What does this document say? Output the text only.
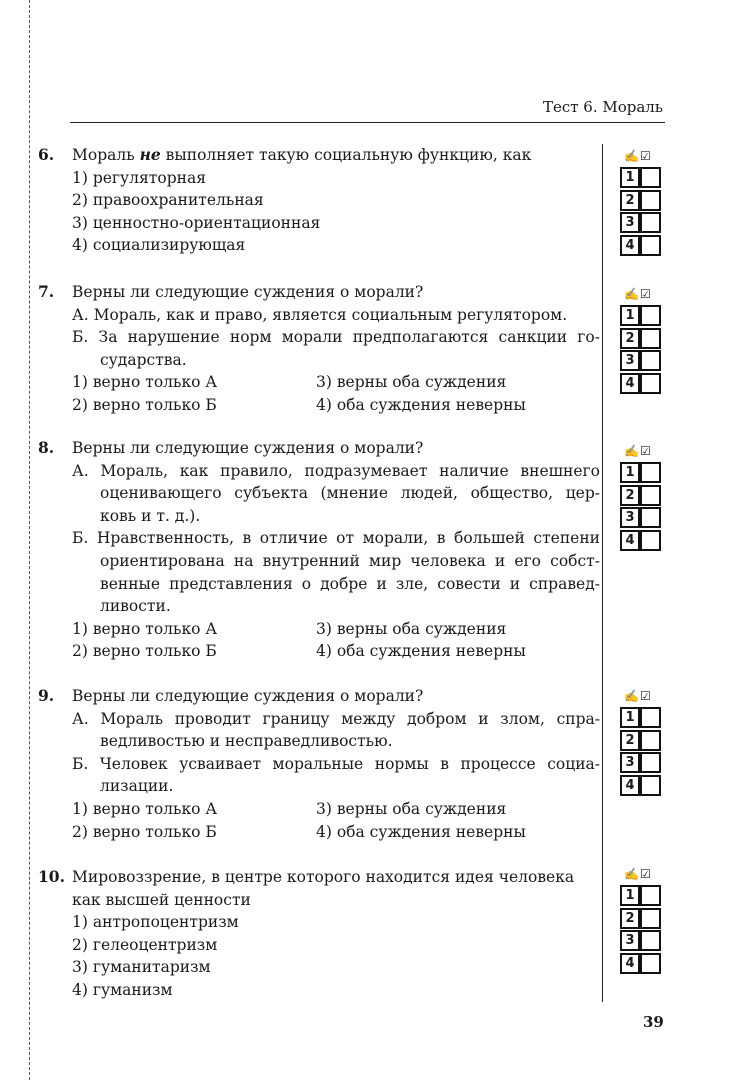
Тест 6. Мораль
6. Мораль не выполняет такую социальную функцию, как
1) регуляторная
2) правоохранительная
3) ценностно-ориентационная
4) социализирующая
7. Верны ли следующие суждения о морали?
А. Мораль, как и право, является социальным регулятором.
Б. За нарушение норм морали предполагаются санкции го-
сударства.
1) верно только А	3) верны оба суждения
2) верно только Б	4) оба суждения неверны
8. Верны ли следующие суждения о морали?
А. Мораль, как правило, подразумевает наличие внешнего
оценивающего субъекта (мнение людей, общество, цер-
ковь и т. д.).
Б. Нравственность, в отличие от морали, в большей степени
ориентирована на внутренний мир человека и его собст-
венные представления о добре и зле, совести и справед-
ливости.
1) верно только А	3) верны оба суждения
2) верно только Б	4) оба суждения неверны
9. Верны ли следующие суждения о морали?
А. Мораль проводит границу между добром и злом, спра-
ведливостью и несправедливостью.
Б. Человек усваивает моральные нормы в процессе социа-
лизации.
1) верно только А	3) верны оба суждения
2) верно только Б	4) оба суждения неверны
10. Мировоззрение, в центре которого находится идея человека
как высшей ценности
1) антропоцентризм
2) гелеоцентризм
3) гуманитаризм
4) гуманизм
✍☑
1
2
3
4
✍☑
1
2
3
4
✍☑
1
2
3
4
✍☑
1
2
3
4
✍☑
1
2
3
4
39
